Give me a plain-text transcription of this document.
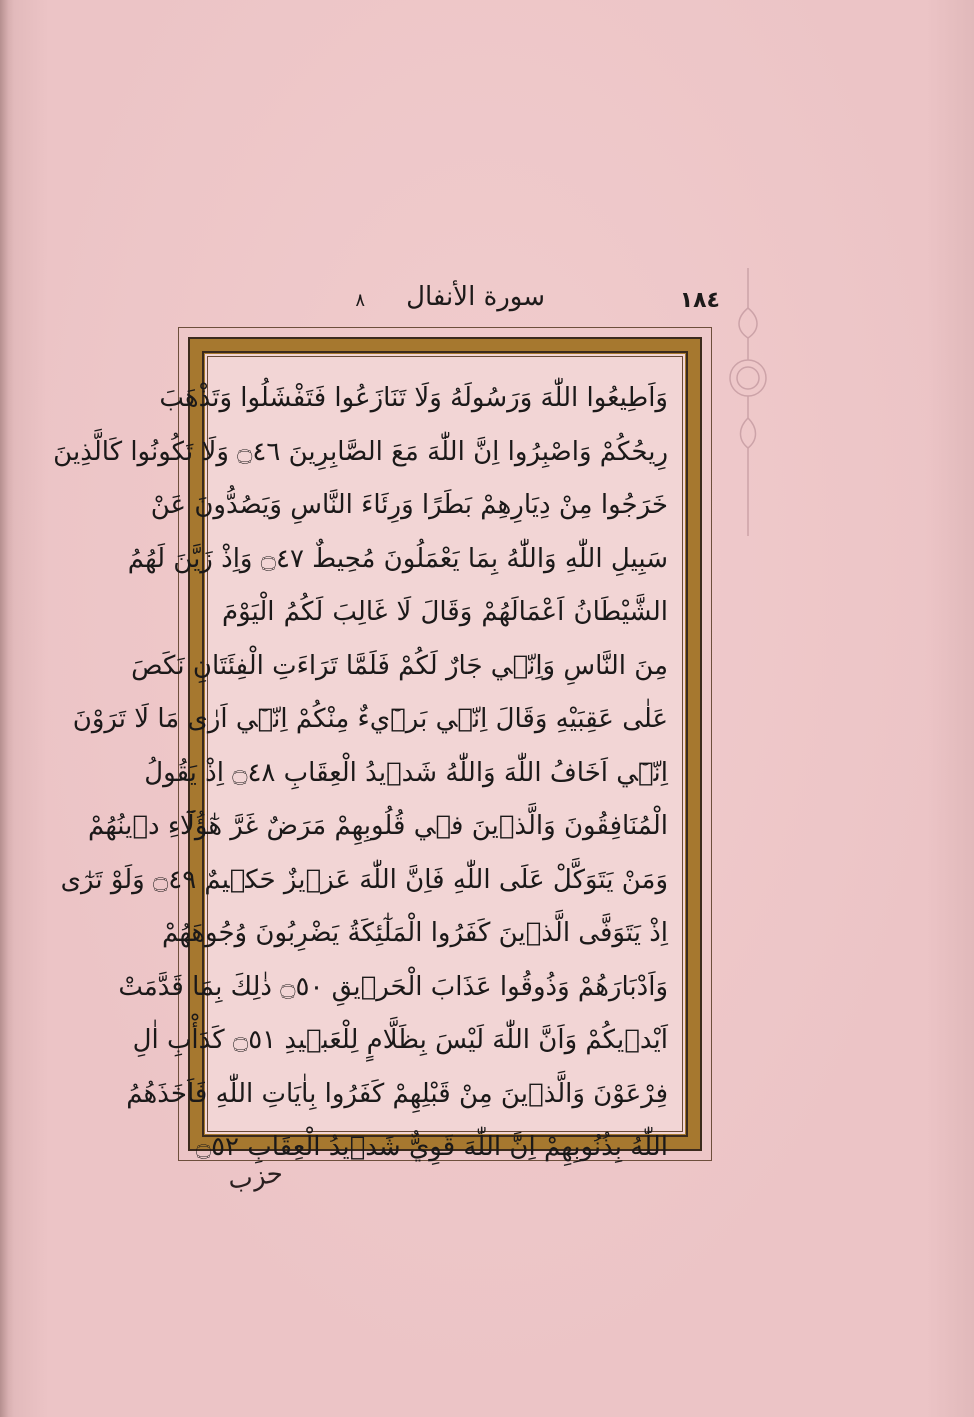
١٨٤
سورة الأنفال
٨
وَاَطِيعُوا اللّٰهَ وَرَسُولَهُ وَلَا تَنَازَعُوا فَتَفْشَلُوا وَتَذْهَبَ
رِيحُكُمْ وَاصْبِرُوا اِنَّ اللّٰهَ مَعَ الصَّابِرِينَ ۝٤٦ وَلَا تَكُونُوا كَالَّذِينَ
خَرَجُوا مِنْ دِيَارِهِمْ بَطَرًا وَرِئَاءَ النَّاسِ وَيَصُدُّونَ عَنْ
سَبِيلِ اللّٰهِ وَاللّٰهُ بِمَا يَعْمَلُونَ مُحِيطٌ ۝٤٧ وَاِذْ زَيَّنَ لَهُمُ
الشَّيْطَانُ اَعْمَالَهُمْ وَقَالَ لَا غَالِبَ لَكُمُ الْيَوْمَ
مِنَ النَّاسِ وَاِنّ۪ي جَارٌ لَكُمْ فَلَمَّا تَرَاءَتِ الْفِئَتَانِ نَكَصَ
عَلٰى عَقِبَيْهِ وَقَالَ اِنّ۪ي بَر۪ٓيءٌ مِنْكُمْ اِنّ۪ٓي اَرٰى مَا لَا تَرَوْنَ
اِنّ۪ٓي اَخَافُ اللّٰهَ وَاللّٰهُ شَد۪يدُ الْعِقَابِ ۝٤٨ اِذْ يَقُولُ
الْمُنَافِقُونَ وَالَّذ۪ينَ ف۪ي قُلُوبِهِمْ مَرَضٌ غَرَّ هٰٓؤُلَٓاءِ د۪ينُهُمْ
وَمَنْ يَتَوَكَّلْ عَلَى اللّٰهِ فَاِنَّ اللّٰهَ عَز۪يزٌ حَك۪يمٌ ۝٤٩ وَلَوْ تَرٰٓى
اِذْ يَتَوَفَّى الَّذ۪ينَ كَفَرُوا الْمَلٰٓئِكَةُ يَضْرِبُونَ وُجُوهَهُمْ
وَاَدْبَارَهُمْ وَذُوقُوا عَذَابَ الْحَر۪يقِ ۝٥٠ ذٰلِكَ بِمَا قَدَّمَتْ
اَيْد۪يكُمْ وَاَنَّ اللّٰهَ لَيْسَ بِظَلَّامٍ لِلْعَب۪يدِ ۝٥١ كَدَأْبِ اٰلِ
فِرْعَوْنَ وَالَّذ۪ينَ مِنْ قَبْلِهِمْ كَفَرُوا بِاٰيَاتِ اللّٰهِ فَاَخَذَهُمُ
اللّٰهُ بِذُنُوبِهِمْ اِنَّ اللّٰهَ قَوِيٌّ شَد۪يدُ الْعِقَابِ ۝٥٢
حزب
